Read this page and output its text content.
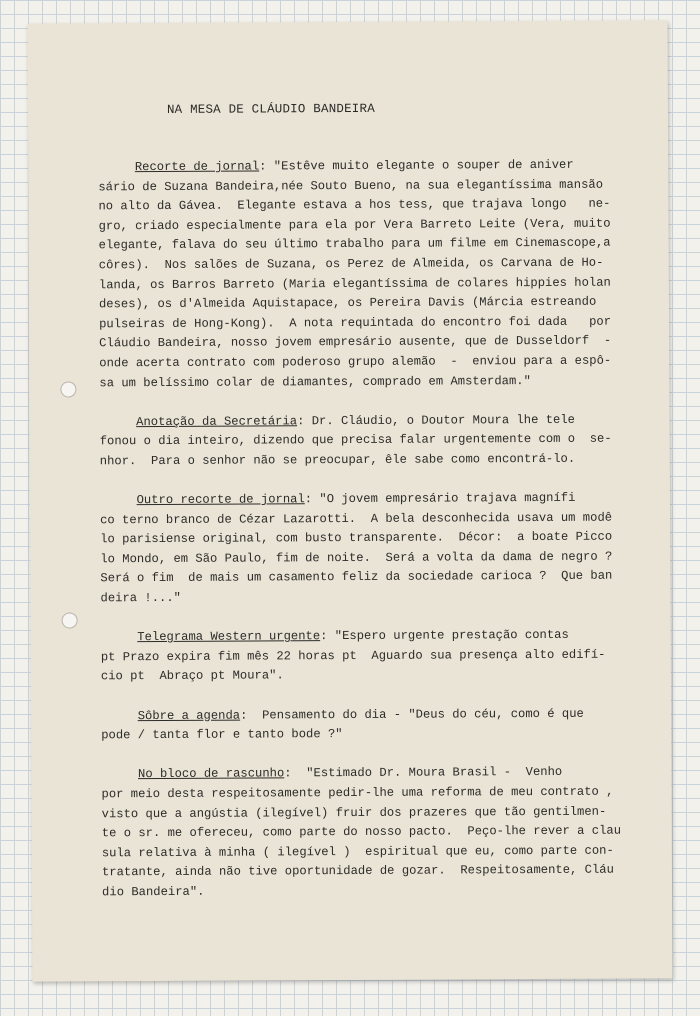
NA MESA DE CLÁUDIO BANDEIRA
Recorte de jornal: "Estêve muito elegante o souper de aniver
sário de Suzana Bandeira,née Souto Bueno, na sua elegantíssima mansão
no alto da Gávea.  Elegante estava a hos tess, que trajava longo   ne-
gro, criado especialmente para ela por Vera Barreto Leite (Vera, muito
elegante, falava do seu último trabalho para um filme em Cinemascope,a
côres).  Nos salões de Suzana, os Perez de Almeida, os Carvana de Ho-
landa, os Barros Barreto (Maria elegantíssima de colares hippies holan
deses), os d'Almeida Aquistapace, os Pereira Davis (Márcia estreando
pulseiras de Hong-Kong).  A nota requintada do encontro foi dada   por
Cláudio Bandeira, nosso jovem empresário ausente, que de Dusseldorf  -
onde acerta contrato com poderoso grupo alemão  -  enviou para a espô-
sa um belíssimo colar de diamantes, comprado em Amsterdam."
Anotação da Secretária: Dr. Cláudio, o Doutor Moura lhe tele
fonou o dia inteiro, dizendo que precisa falar urgentemente com o  se-
nhor.  Para o senhor não se preocupar, êle sabe como encontrá-lo.
Outro recorte de jornal: "O jovem empresário trajava magnífi
co terno branco de Cézar Lazarotti.  A bela desconhecida usava um modê
lo parisiense original, com busto transparente.  Décor:  a boate Picco
lo Mondo, em São Paulo, fim de noite.  Será a volta da dama de negro ?
Será o fim  de mais um casamento feliz da sociedade carioca ?  Que ban
deira !..."
Telegrama Western urgente: "Espero urgente prestação contas
pt Prazo expira fim mês 22 horas pt  Aguardo sua presença alto edifí-
cio pt  Abraço pt Moura".
Sôbre a agenda:  Pensamento do dia - "Deus do céu, como é que
pode / tanta flor e tanto bode ?"
No bloco de rascunho:  "Estimado Dr. Moura Brasil -  Venho
por meio desta respeitosamente pedir-lhe uma reforma de meu contrato ,
visto que a angústia (ilegível) fruir dos prazeres que tão gentilmen-
te o sr. me ofereceu, como parte do nosso pacto.  Peço-lhe rever a clau
sula relativa à minha ( ilegível )  espiritual que eu, como parte con-
tratante, ainda não tive oportunidade de gozar.  Respeitosamente, Cláu
dio Bandeira".
